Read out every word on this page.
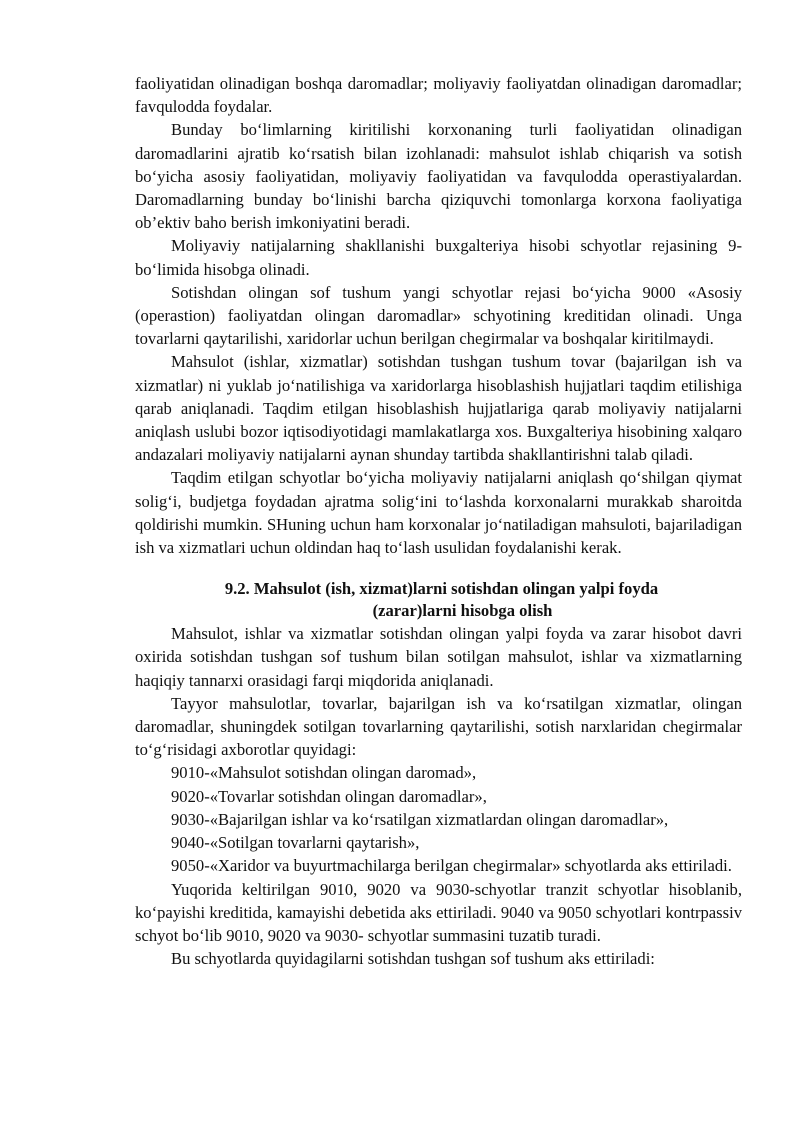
faoliyatidan olinadigan boshqa daromadlar; moliyaviy faoliyatdan olinadigan daromadlar; favqulodda foydalar.

Bunday bo‘limlarning kiritilishi korxonaning turli faoliyatidan olinadigan daromadlarini ajratib ko‘rsatish bilan izohlanadi: mahsulot ishlab chiqarish va sotish bo‘yicha asosiy faoliyatidan, moliyaviy faoliyatidan va favqulodda operastiyalardan. Daromadlarning bunday bo‘linishi barcha qiziquvchi tomonlarga korxona faoliyatiga ob’ektiv baho berish imkoniyatini beradi.

Moliyaviy natijalarning shakllanishi buxgalteriya hisobi schyotlar rejasining 9- bo‘limida hisobga olinadi.

Sotishdan olingan sof tushum yangi schyotlar rejasi bo‘yicha 9000 «Asosiy (operastion) faoliyatdan olingan daromadlar» schyotining kreditidan olinadi. Unga tovarlarni qaytarilishi, xaridorlar uchun berilgan chegirmalar va boshqalar kiritilmaydi.

Mahsulot (ishlar, xizmatlar) sotishdan tushgan tushum tovar (bajarilgan ish va xizmatlar) ni yuklab jo‘natilishiga va xaridorlarga hisoblashish hujjatlari taqdim etilishiga qarab aniqlanadi. Taqdim etilgan hisoblashish hujjatlariga qarab moliyaviy natijalarni aniqlash uslubi bozor iqtisodiyotidagi mamlakatlarga xos. Buxgalteriya hisobining xalqaro andazalari moliyaviy natijalarni aynan shunday tartibda shakllantirishni talab qiladi.

Taqdim etilgan schyotlar bo‘yicha moliyaviy natijalarni aniqlash qo‘shilgan qiymat solig‘i, budjetga foydadan ajratma solig‘ini to‘lashda korxonalarni murakkab sharoitda qoldirishi mumkin. SHuning uchun ham korxonalar jo‘natiladigan mahsuloti, bajariladigan ish va xizmatlari uchun oldindan haq to‘lash usulidan foydalanishi kerak.

9.2. Mahsulot (ish, xizmat)larni sotishdan olingan yalpi foyda
(zarar)larni hisobga olish

Mahsulot, ishlar va xizmatlar sotishdan olingan yalpi foyda va zarar hisobot davri oxirida sotishdan tushgan sof tushum bilan sotilgan mahsulot, ishlar va xizmatlarning haqiqiy tannarxi orasidagi farqi miqdorida aniqlanadi.

Tayyor mahsulotlar, tovarlar, bajarilgan ish va ko‘rsatilgan xizmatlar, olingan daromadlar, shuningdek sotilgan tovarlarning qaytarilishi, sotish narxlaridan chegirmalar to‘g‘risidagi axborotlar quyidagi:

9010-«Mahsulot sotishdan olingan daromad»,

9020-«Tovarlar sotishdan olingan daromadlar»,

9030-«Bajarilgan ishlar va ko‘rsatilgan xizmatlardan olingan daromadlar»,

9040-«Sotilgan tovarlarni qaytarish»,

9050-«Xaridor va buyurtmachilarga berilgan chegirmalar» schyotlarda aks ettiriladi.

Yuqorida keltirilgan 9010, 9020 va 9030-schyotlar tranzit schyotlar hisoblanib, ko‘payishi kreditida, kamayishi debetida aks ettiriladi. 9040 va 9050 schyotlari kontrpassiv schyot bo‘lib 9010, 9020 va 9030- schyotlar summasini tuzatib turadi.

Bu schyotlarda quyidagilarni sotishdan tushgan sof tushum aks ettiriladi:
